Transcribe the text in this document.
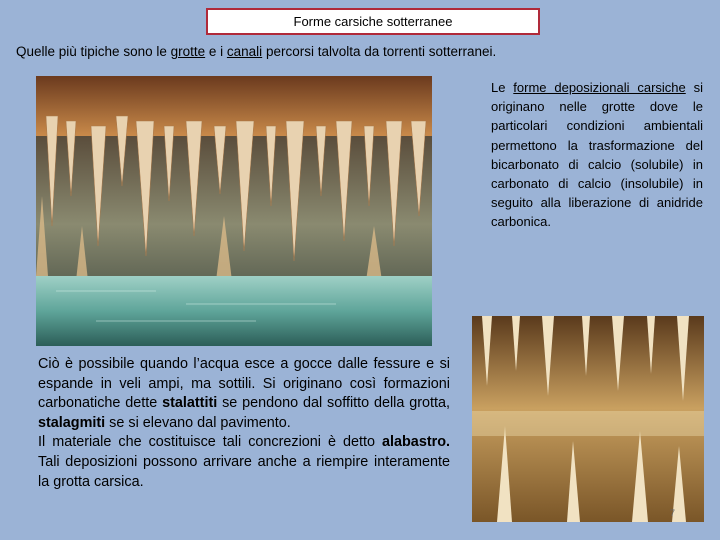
Forme carsiche sotterranee
Quelle più tipiche sono le grotte e i canali percorsi talvolta da torrenti sotterranei.
Le forme deposizionali carsiche si originano nelle grotte dove le particolari condizioni ambientali permettono la trasformazione del bicarbonato di calcio (solubile) in carbonato di calcio (insolubile) in seguito alla liberazione di anidride carbonica.

Ciò è possibile quando l’acqua esce a gocce dalle fessure e si espande in veli ampi, ma sottili. Si originano così formazioni carbonatiche dette stalattiti se pendono dal soffitto della grotta, stalagmiti se si elevano dal pavimento.

Il materiale che costituisce tali concrezioni è detto alabastro. Tali deposizioni possono arrivare anche a riempire interamente la grotta carsica.

7
